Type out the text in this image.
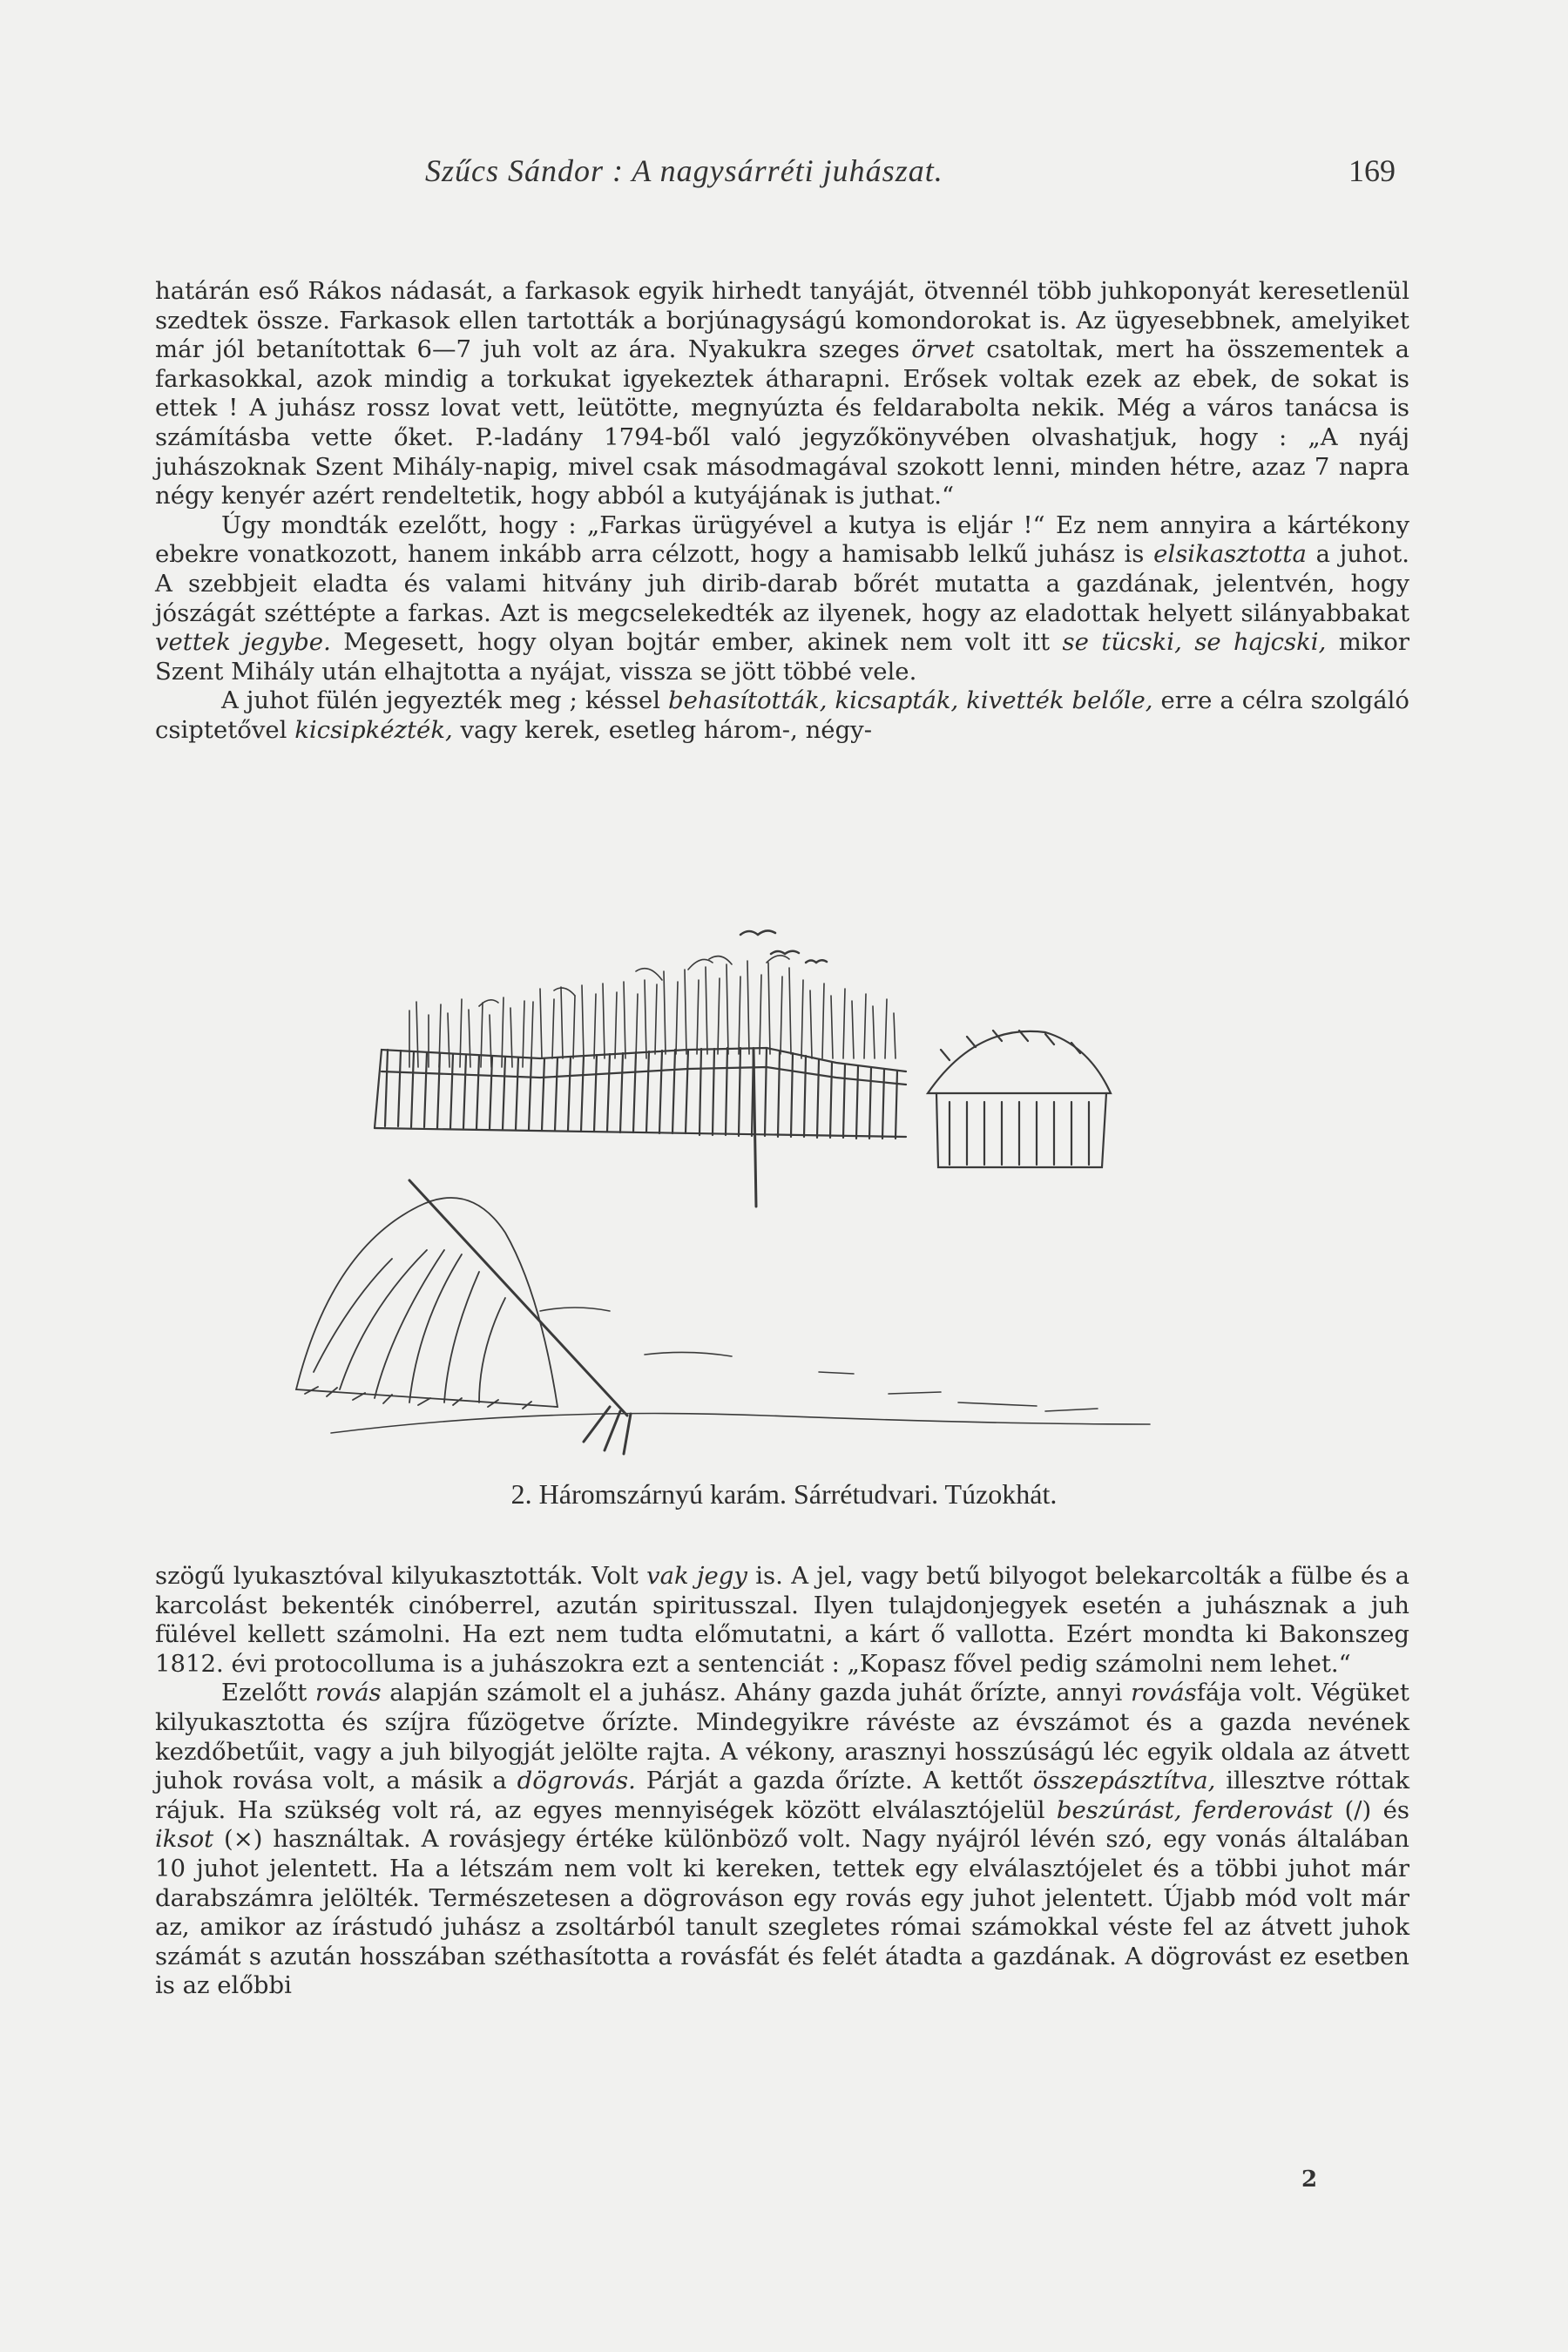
Szűcs Sándor : A nagysárréti juhászat.	169

határán eső Rákos nádasát, a farkasok egyik hirhedt tanyáját, ötvennél több juhkoponyát keresetlenül szedtek össze. Farkasok ellen tartották a borjúnagyságú komondorokat is. Az ügyesebbnek, amelyiket már jól betanítottak 6—7 juh volt az ára. Nyakukra szeges örvet csatoltak, mert ha összementek a farkasokkal, azok mindig a torkukat igyekeztek átharapni. Erősek voltak ezek az ebek, de sokat is ettek ! A juhász rossz lovat vett, leütötte, megnyúzta és feldarabolta nekik. Még a város tanácsa is számításba vette őket. P.-ladány 1794-ből való jegyzőkönyvében olvashatjuk, hogy : „A nyáj juhászoknak Szent Mihály-napig, mivel csak másodmagával szokott lenni, minden hétre, azaz 7 napra négy kenyér azért rendeltetik, hogy abból a kutyájának is juthat.“

Úgy mondták ezelőtt, hogy : „Farkas ürügyével a kutya is eljár !“ Ez nem annyira a kártékony ebekre vonatkozott, hanem inkább arra célzott, hogy a hamisabb lelkű juhász is elsikasztotta a juhot. A szebbjeit eladta és valami hitvány juh dirib-darab bőrét mutatta a gazdának, jelentvén, hogy jószágát széttépte a farkas. Azt is megcselekedték az ilyenek, hogy az eladottak helyett silányabbakat vettek jegybe. Megesett, hogy olyan bojtár ember, akinek nem volt itt se tücski, se hajcski, mikor Szent Mihály után elhajtotta a nyájat, vissza se jött többé vele.

A juhot fülén jegyezték meg ; késsel behasították, kicsapták, kivették belőle, erre a célra szolgáló csiptetővel kicsipkézték, vagy kerek, esetleg három-, négy-

2. Háromszárnyú karám. Sárrétudvari. Túzokhát.

szögű lyukasztóval kilyukasztották. Volt vak jegy is. A jel, vagy betű bilyogot belekarcolták a fülbe és a karcolást bekenték cinóberrel, azután spiritusszal. Ilyen tulajdonjegyek esetén a juhásznak a juh fülével kellett számolni. Ha ezt nem tudta előmutatni, a kárt ő vallotta. Ezért mondta ki Bakonszeg 1812. évi protocolluma is a juhászokra ezt a sentenciát : „Kopasz fővel pedig számolni nem lehet.“

Ezelőtt rovás alapján számolt el a juhász. Ahány gazda juhát őrízte, annyi rovásfája volt. Végüket kilyukasztotta és szíjra fűzögetve őrízte. Mindegyikre rávéste az évszámot és a gazda nevének kezdőbetűit, vagy a juh bilyogját jelölte rajta. A vékony, arasznyi hosszúságú léc egyik oldala az átvett juhok rovása volt, a másik a dögrovás. Párját a gazda őrízte. A kettőt összepásztítva, illesztve róttak rájuk. Ha szükség volt rá, az egyes mennyiségek között elválasztójelül beszúrást, ferderovást (/) és iksot (×) használtak. A rovásjegy értéke különböző volt. Nagy nyájról lévén szó, egy vonás általában 10 juhot jelentett. Ha a létszám nem volt ki kereken, tettek egy elválasztójelet és a többi juhot már darabszámra jelölték. Természetesen a dögrováson egy rovás egy juhot jelentett. Újabb mód volt már az, amikor az írástudó juhász a zsoltárból tanult szegletes római számokkal véste fel az átvett juhok számát s azután hosszában széthasította a rovásfát és felét átadta a gazdának. A dögrovást ez esetben is az előbbi

2
